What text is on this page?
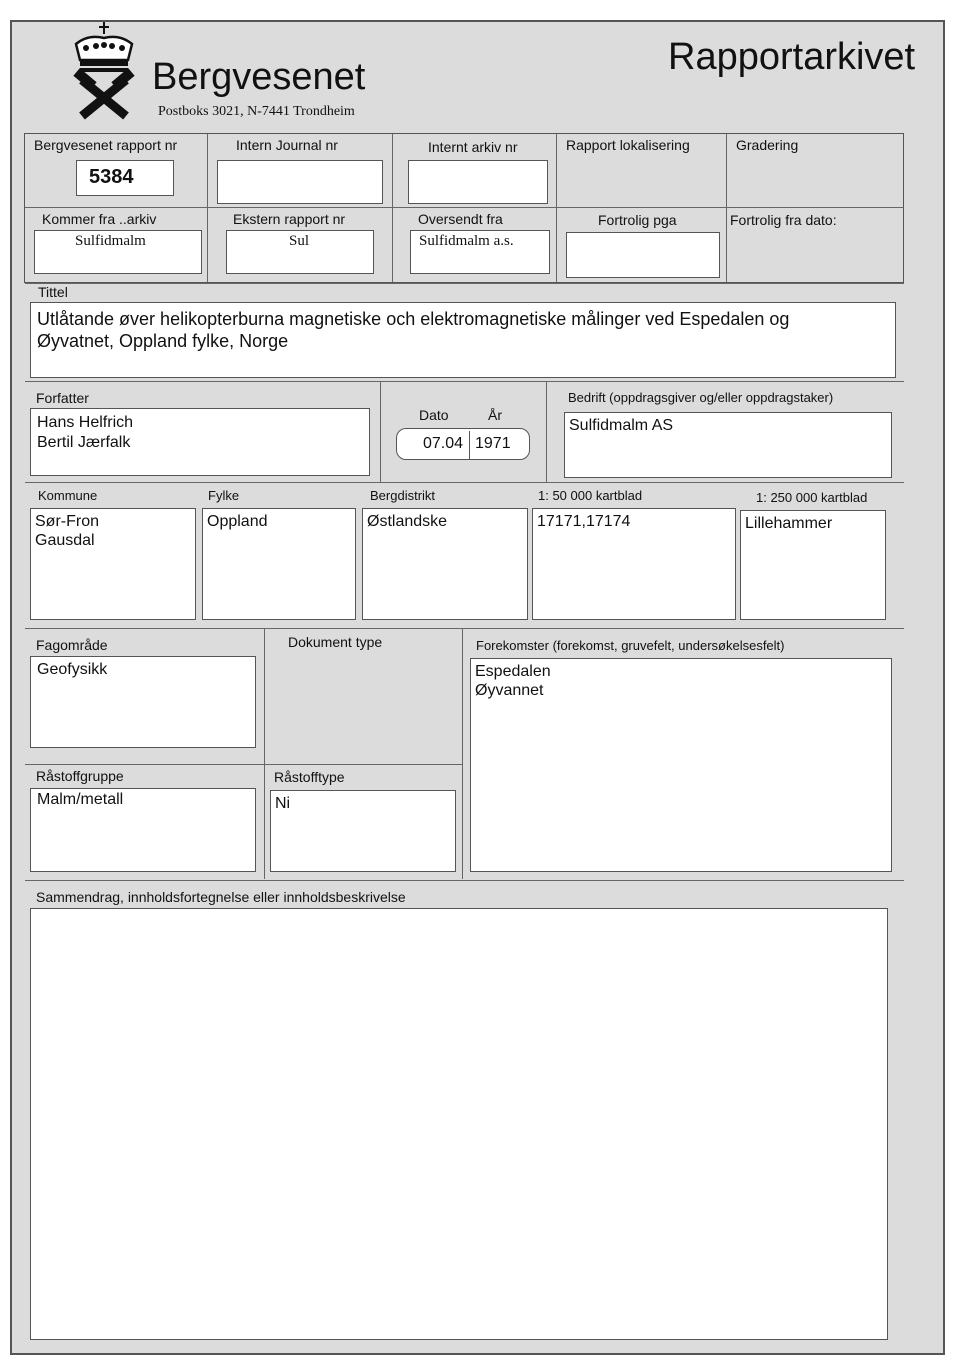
Bergvesenet
Postboks 3021, N-7441 Trondheim
Rapportarkivet
Bergvesenet rapport nr
5384
Intern Journal nr	Internt arkiv nr	Rapport lokalisering	Gradering
Kommer fra ..arkiv
Sulfidmalm
Ekstern rapport nr
Sul
Oversendt fra
Sulfidmalm a.s.
Fortrolig pga	Fortrolig fra dato:
Tittel
Utlåtande øver helikopterburna magnetiske och elektromagnetiske målinger ved Espedalen og
Øyvatnet, Oppland fylke, Norge
Forfatter
Hans Helfrich
Bertil Jærfalk
Dato	År
07.04 1971
Bedrift (oppdragsgiver og/eller oppdragstaker)
Sulfidmalm AS
Kommune
Sør-Fron
Gausdal
Fylke
Oppland
Bergdistrikt
Østlandske
1: 50 000 kartblad
17171,17174
1: 250 000 kartblad
Lillehammer
Fagområde
Geofysikk
Dokument type	Forekomster (forekomst, gruvefelt, undersøkelsesfelt)
Espedalen
Øyvannet
Råstoffgruppe
Malm/metall
Råstofftype
Ni
Sammendrag, innholdsfortegnelse eller innholdsbeskrivelse
